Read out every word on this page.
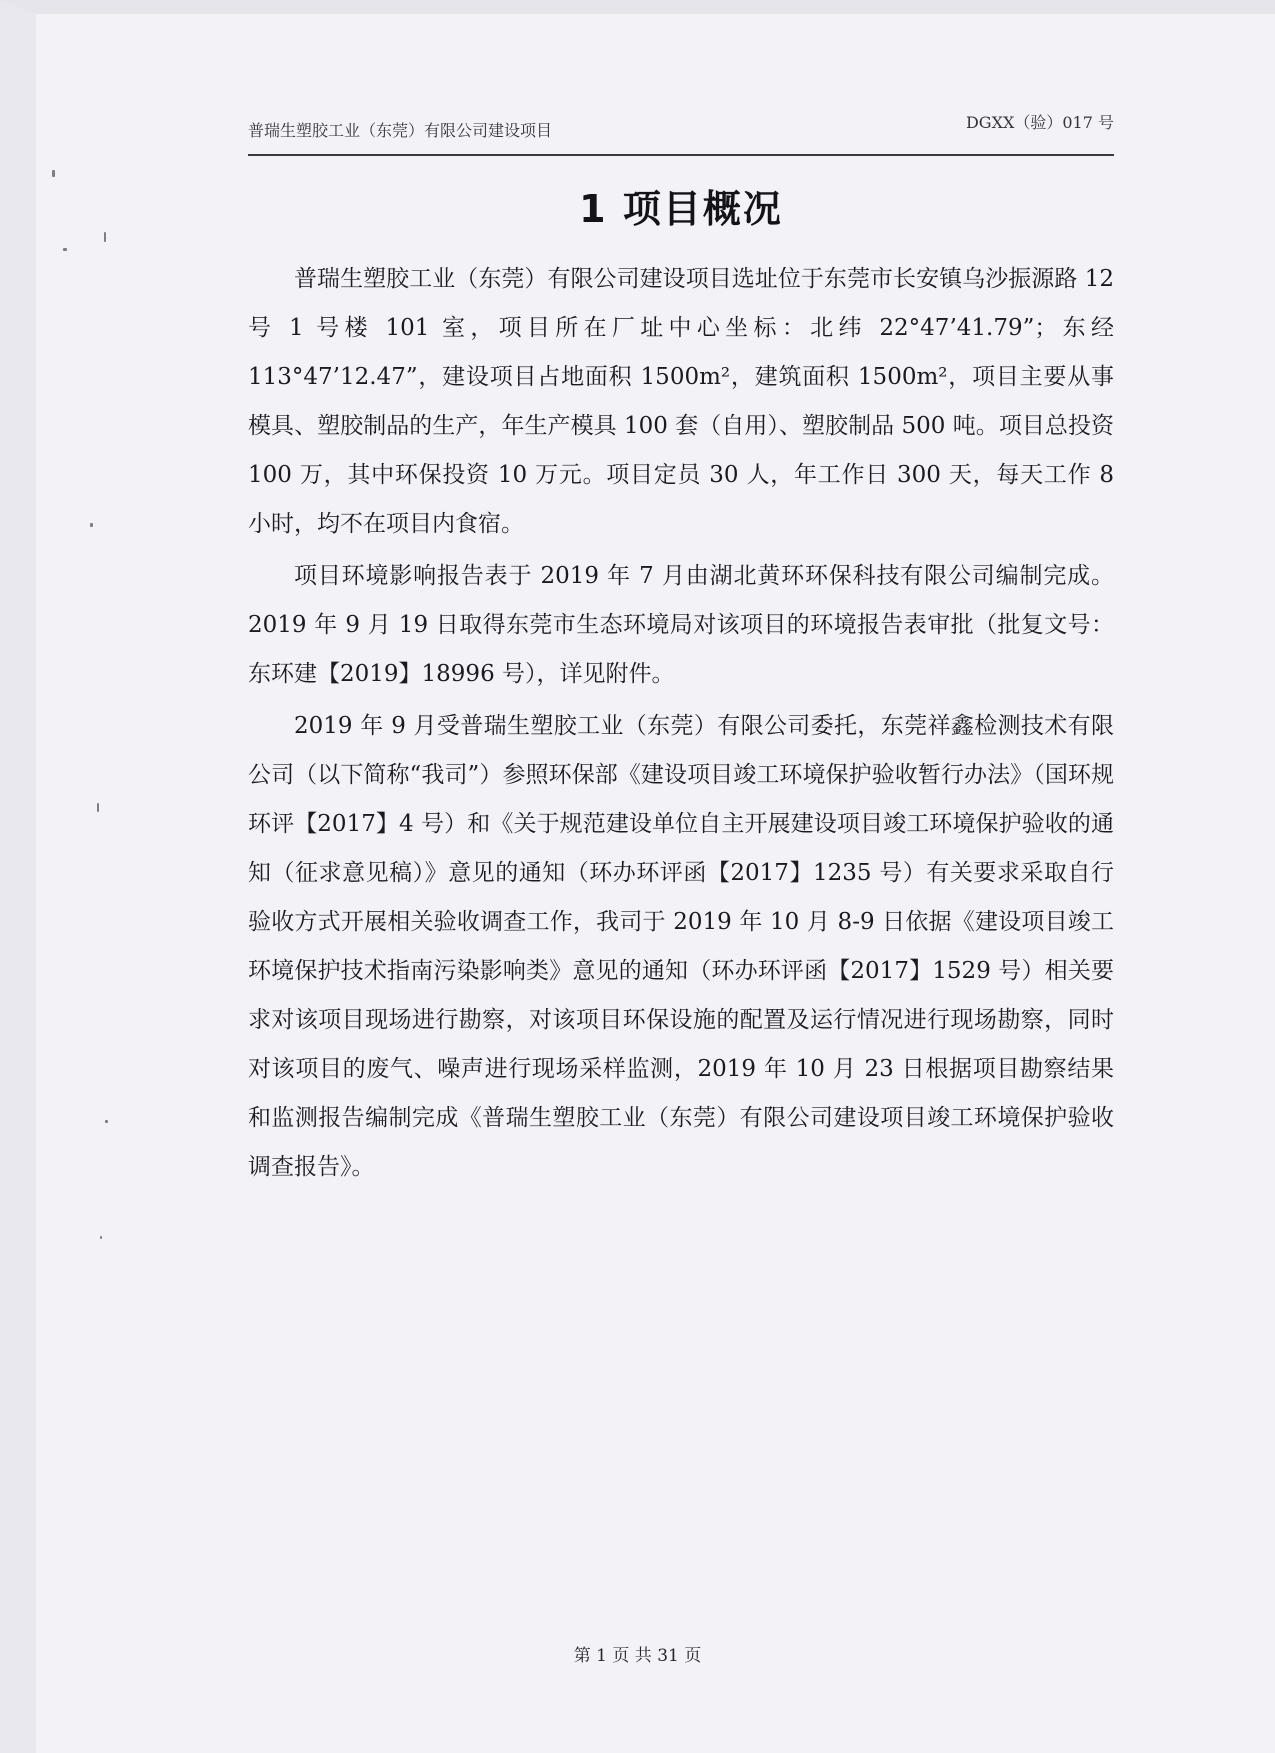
普瑞生塑胶工业（东莞）有限公司建设项目	DGXX（验）017 号
1 项目概况

普瑞生塑胶工业（东莞）有限公司建设项目选址位于东莞市长安镇乌沙振源路 12 号 1 号楼 101 室，项目所在厂址中心坐标：北纬 22°47’41.79”；东经 113°47’12.47”，建设项目占地面积 1500m²，建筑面积 1500m²，项目主要从事模具、塑胶制品的生产，年生产模具 100 套（自用）、塑胶制品 500 吨。项目总投资 100 万，其中环保投资 10 万元。项目定员 30 人，年工作日 300 天，每天工作 8 小时，均不在项目内食宿。

项目环境影响报告表于 2019 年 7 月由湖北黄环环保科技有限公司编制完成。2019 年 9 月 19 日取得东莞市生态环境局对该项目的环境报告表审批（批复文号：东环建【2019】18996 号），详见附件。

2019 年 9 月受普瑞生塑胶工业（东莞）有限公司委托，东莞祥鑫检测技术有限公司（以下简称“我司”）参照环保部《建设项目竣工环境保护验收暂行办法》（国环规环评【2017】4 号）和《关于规范建设单位自主开展建设项目竣工环境保护验收的通知（征求意见稿）》意见的通知（环办环评函【2017】1235 号）有关要求采取自行验收方式开展相关验收调查工作，我司于 2019 年 10 月 8-9 日依据《建设项目竣工环境保护技术指南污染影响类》意见的通知（环办环评函【2017】1529 号）相关要求对该项目现场进行勘察，对该项目环保设施的配置及运行情况进行现场勘察，同时对该项目的废气、噪声进行现场采样监测，2019 年 10 月 23 日根据项目勘察结果和监测报告编制完成《普瑞生塑胶工业（东莞）有限公司建设项目竣工环境保护验收调查报告》。

第 1 页 共 31 页
